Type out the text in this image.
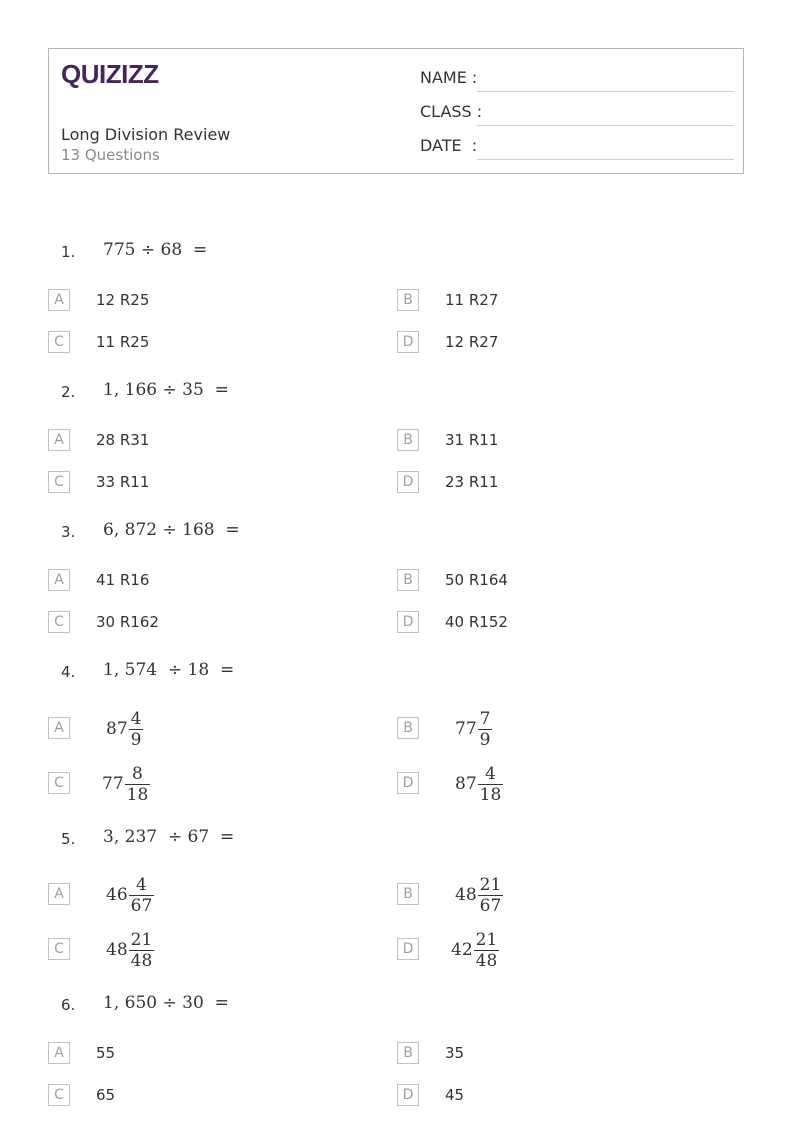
QUIZIZZ
Long Division Review
13 Questions
NAME :
CLASS :
DATE  :
1. 775 ÷ 68  =
A	12 R25	B	11 R27
C	11 R25	D	12 R27
2. 1, 166 ÷ 35  =
A	28 R31	B	31 R11
C	33 R11	D	23 R11
3. 6, 872 ÷ 168  =
A	41 R16	B	50 R164
C	30 R162	D	40 R152
4. 1, 574  ÷ 18  =
A	$87 \frac{4}{9}$	B	$77 \frac{7}{9}$
C	$77 \frac{8}{18}$	D	$87 \frac{4}{18}$
5. 3, 237  ÷ 67  =
A	$46 \frac{4}{67}$	B	$48 \frac{21}{67}$
C	$48 \frac{21}{48}$	D	$42 \frac{21}{48}$
6. 1, 650 ÷ 30  =
A	55	B	35
C	65	D	45
